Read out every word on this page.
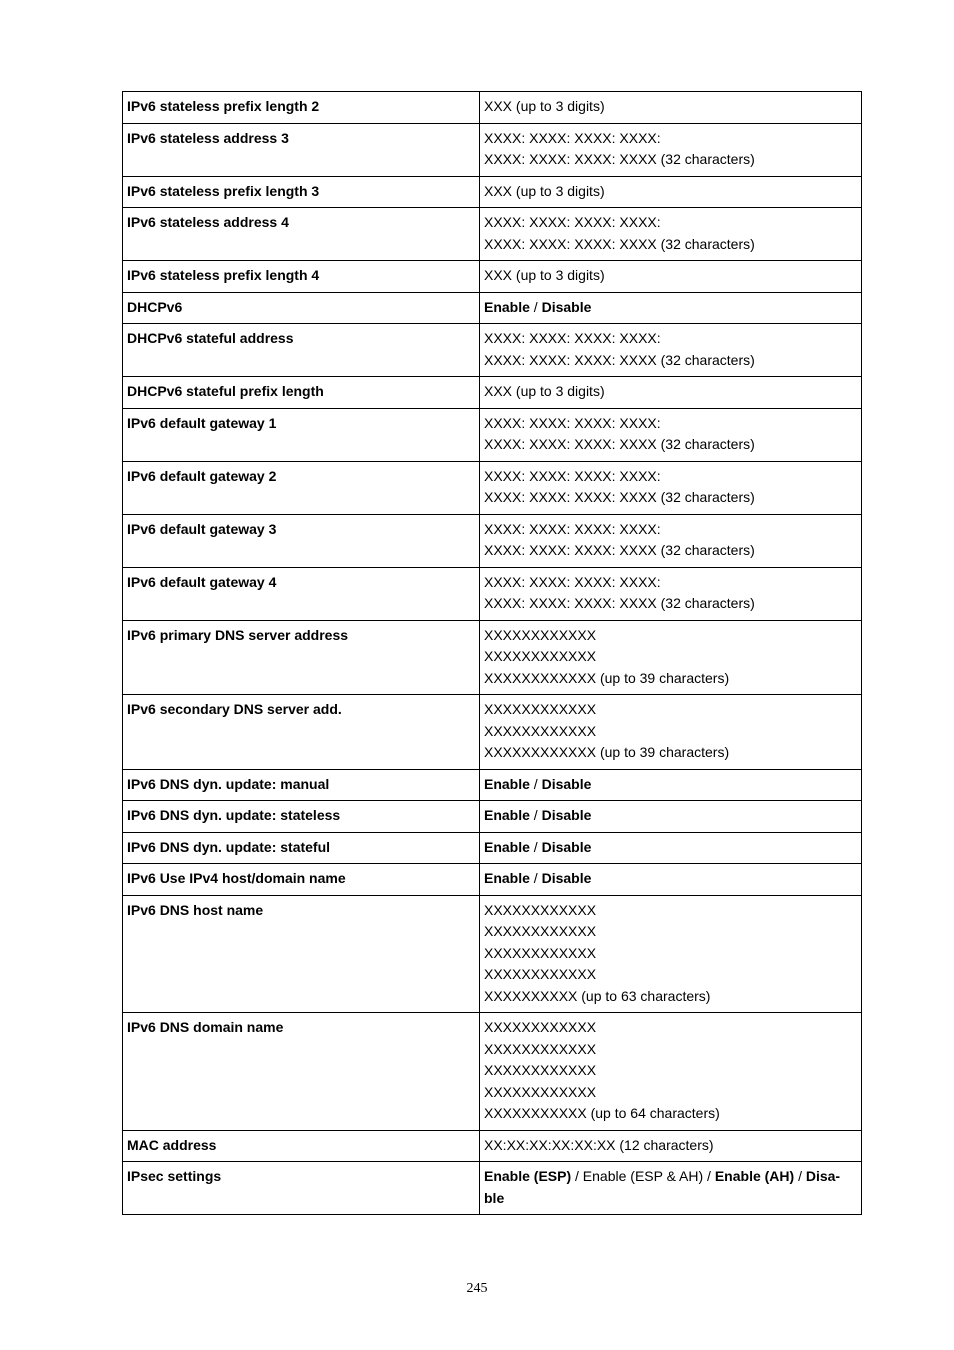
IPv6 stateless prefix length 2	XXX (up to 3 digits)

IPv6 stateless address 3	XXXX: XXXX: XXXX: XXXX:
XXXX: XXXX: XXXX: XXXX (32 characters)

IPv6 stateless prefix length 3	XXX (up to 3 digits)

IPv6 stateless address 4	XXXX: XXXX: XXXX: XXXX:
XXXX: XXXX: XXXX: XXXX (32 characters)

IPv6 stateless prefix length 4	XXX (up to 3 digits)

DHCPv6	Enable / Disable

DHCPv6 stateful address	XXXX: XXXX: XXXX: XXXX:
XXXX: XXXX: XXXX: XXXX (32 characters)

DHCPv6 stateful prefix length	XXX (up to 3 digits)

IPv6 default gateway 1	XXXX: XXXX: XXXX: XXXX:
XXXX: XXXX: XXXX: XXXX (32 characters)

IPv6 default gateway 2	XXXX: XXXX: XXXX: XXXX:
XXXX: XXXX: XXXX: XXXX (32 characters)

IPv6 default gateway 3	XXXX: XXXX: XXXX: XXXX:
XXXX: XXXX: XXXX: XXXX (32 characters)

IPv6 default gateway 4	XXXX: XXXX: XXXX: XXXX:
XXXX: XXXX: XXXX: XXXX (32 characters)

IPv6 primary DNS server address	XXXXXXXXXXXX
XXXXXXXXXXXX
XXXXXXXXXXXX (up to 39 characters)

IPv6 secondary DNS server add.	XXXXXXXXXXXX
XXXXXXXXXXXX
XXXXXXXXXXXX (up to 39 characters)

IPv6 DNS dyn. update: manual	Enable / Disable

IPv6 DNS dyn. update: stateless	Enable / Disable

IPv6 DNS dyn. update: stateful	Enable / Disable

IPv6 Use IPv4 host/domain name	Enable / Disable

IPv6 DNS host name	XXXXXXXXXXXX
XXXXXXXXXXXX
XXXXXXXXXXXX
XXXXXXXXXXXX
XXXXXXXXXX (up to 63 characters)

IPv6 DNS domain name	XXXXXXXXXXXX
XXXXXXXXXXXX
XXXXXXXXXXXX
XXXXXXXXXXXX
XXXXXXXXXXX (up to 64 characters)

MAC address	XX:XX:XX:XX:XX:XX (12 characters)

IPsec settings	Enable (ESP) / Enable (ESP & AH) / Enable (AH) / Disa-
ble
245
